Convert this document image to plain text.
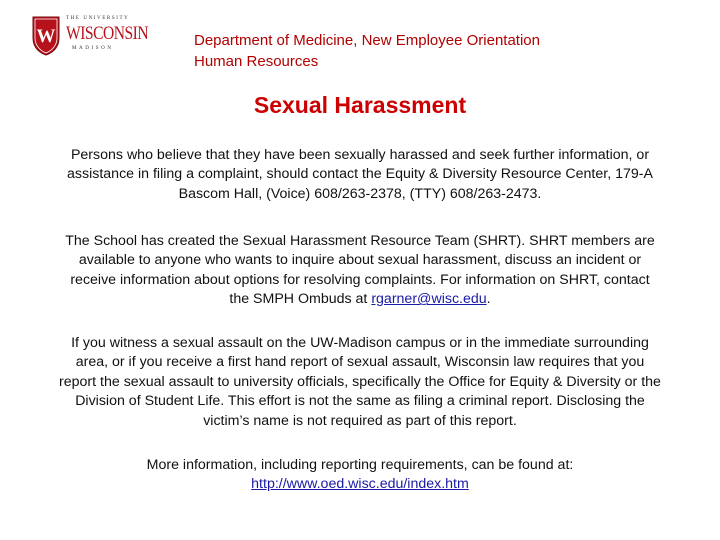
W
THE UNIVERSITY
WISCONSIN
MADISON	Department of Medicine, New Employee Orientation
Human Resources
Sexual Harassment
Persons who believe that they have been sexually harassed and seek further information, or
assistance in filing a complaint, should contact the Equity & Diversity Resource Center, 179-A
Bascom Hall, (Voice) 608/263-2378, (TTY) 608/263-2473.
The School has created the Sexual Harassment Resource Team (SHRT). SHRT members are
available to anyone who wants to inquire about sexual harassment, discuss an incident or
receive information about options for resolving complaints. For information on SHRT, contact
the SMPH Ombuds at rgarner@wisc.edu.
If you witness a sexual assault on the UW-Madison campus or in the immediate surrounding
area, or if you receive a first hand report of sexual assault, Wisconsin law requires that you
report the sexual assault to university officials, specifically the Office for Equity & Diversity or the
Division of Student Life. This effort is not the same as filing a criminal report. Disclosing the
victim’s name is not required as part of this report.
More information, including reporting requirements, can be found at:
http://www.oed.wisc.edu/index.htm
